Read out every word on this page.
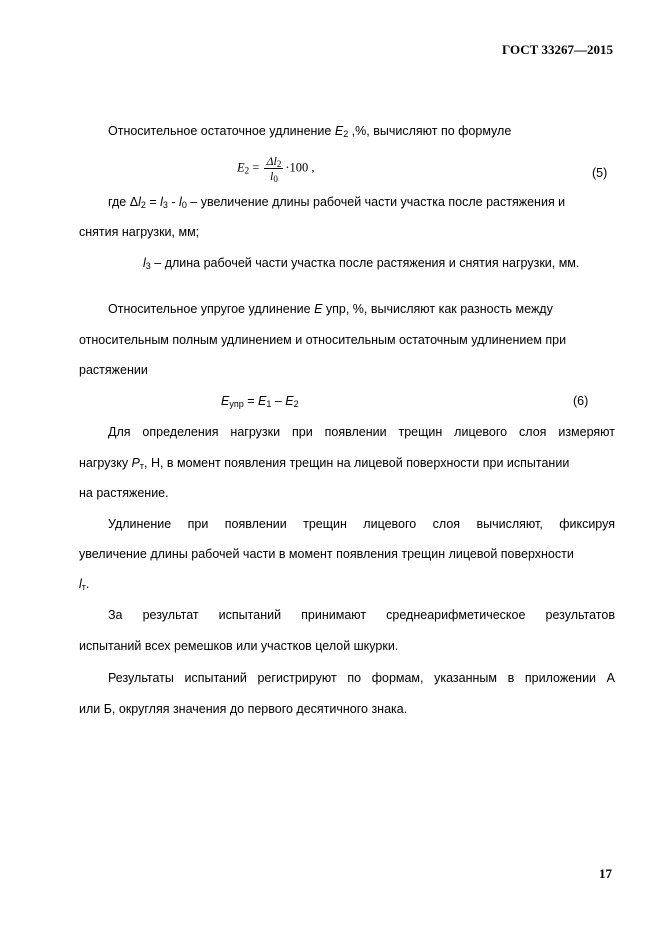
ГОСТ 33267—2015
Относительное остаточное удлинение $E_2$ ,%, вычисляют по формуле
$E_2 = \frac{\Delta l_2}{l_0} \cdot 100$ ,	(5)
где $\Delta l_2 = l_3 - l_0$ – увеличение длины рабочей части участка после растяжения и
снятия нагрузки, мм;
$l_3$ – длина рабочей части участка после растяжения и снятия нагрузки, мм.
Относительное упругое удлинение E упр, %, вычисляют как разность между
относительным полным удлинением и относительным остаточным удлинением при
растяжении
$E_{упр} = E_1 - E_2$	(6)
Для определения нагрузки при появлении трещин лицевого слоя измеряют
нагрузку $P_т$, Н, в момент появления трещин на лицевой поверхности при испытании
на растяжение.
Удлинение при появлении трещин лицевого слоя вычисляют, фиксируя
увеличение длины рабочей части в момент появления трещин лицевой поверхности
$l_т$.
За результат испытаний принимают среднеарифметическое результатов
испытаний всех ремешков или участков целой шкурки.
Результаты испытаний регистрируют по формам, указанным в приложении А
или Б, округляя значения до первого десятичного знака.
17
